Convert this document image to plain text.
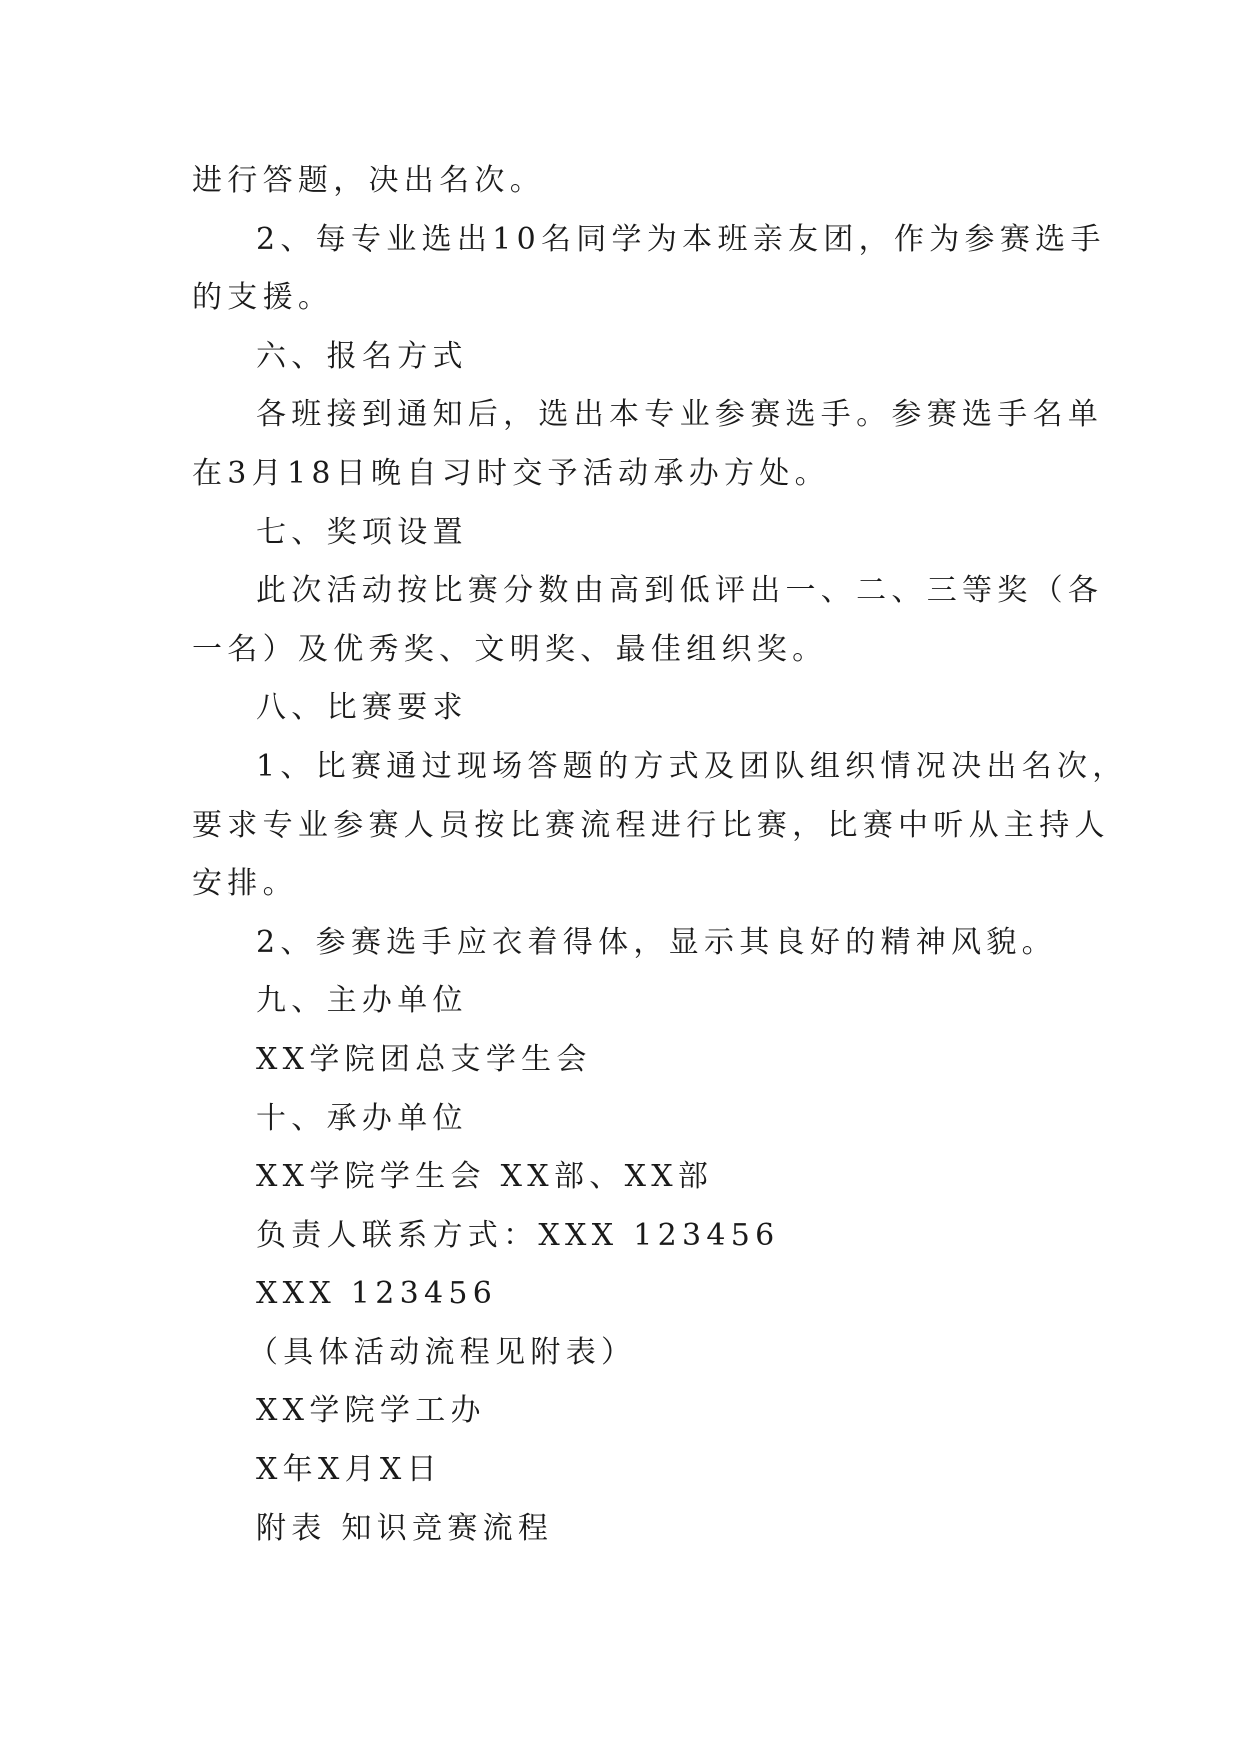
进行答题，决出名次。
2、每专业选出10名同学为本班亲友团，作为参赛选手
的支援。
六、报名方式
各班接到通知后，选出本专业参赛选手。参赛选手名单
在3月18日晚自习时交予活动承办方处。
七、奖项设置
此次活动按比赛分数由高到低评出一、二、三等奖（各
一名）及优秀奖、文明奖、最佳组织奖。
八、比赛要求
1、比赛通过现场答题的方式及团队组织情况决出名次，
要求专业参赛人员按比赛流程进行比赛，比赛中听从主持人
安排。
2、参赛选手应衣着得体，显示其良好的精神风貌。
九、主办单位
XX学院团总支学生会
十、承办单位
XX学院学生会 XX部、XX部
负责人联系方式：XXX 123456
XXX 123456
（具体活动流程见附表）
XX学院学工办
X年X月X日
附表 知识竞赛流程
